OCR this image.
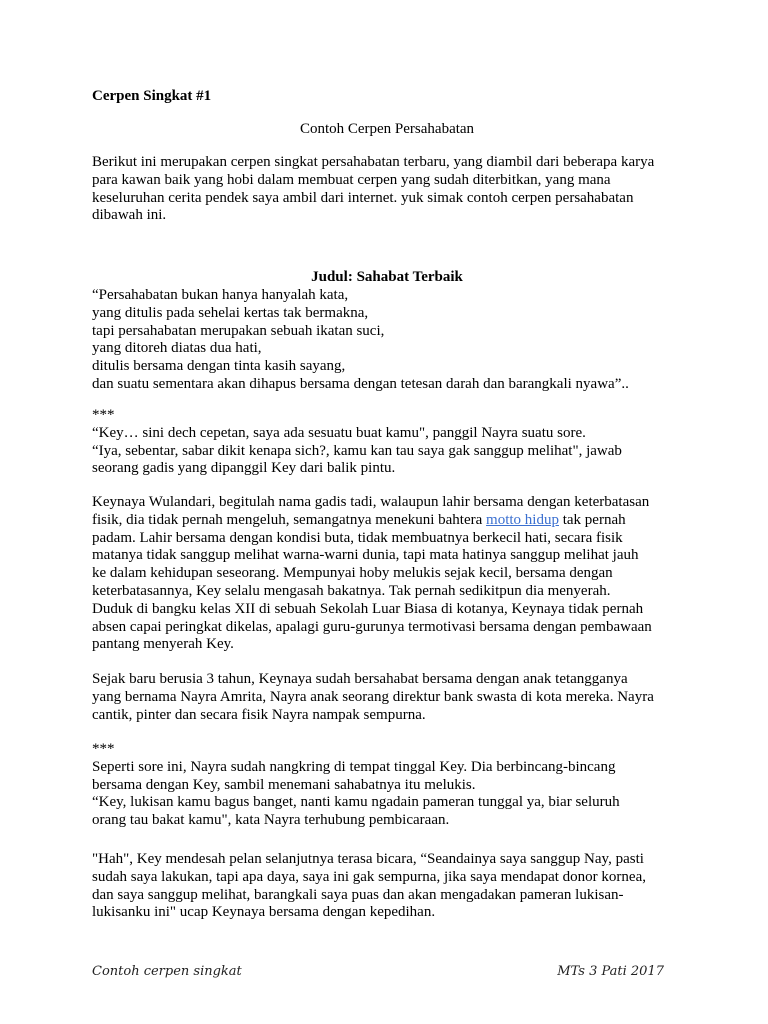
Cerpen Singkat #1

Contoh Cerpen Persahabatan

Berikut ini merupakan cerpen singkat persahabatan terbaru, yang diambil dari beberapa karya
para kawan baik yang hobi dalam membuat cerpen yang sudah diterbitkan, yang mana
keseluruhan cerita pendek saya ambil dari internet. yuk simak contoh cerpen persahabatan
dibawah ini.

Judul: Sahabat Terbaik

“Persahabatan bukan hanya hanyalah kata,
yang ditulis pada sehelai kertas tak bermakna,
tapi persahabatan merupakan sebuah ikatan suci,
yang ditoreh diatas dua hati,
ditulis bersama dengan tinta kasih sayang,
dan suatu sementara akan dihapus bersama dengan tetesan darah dan barangkali nyawa”..
***
“Key… sini dech cepetan, saya ada sesuatu buat kamu", panggil Nayra suatu sore.
“Iya, sebentar, sabar dikit kenapa sich?, kamu kan tau saya gak sanggup melihat", jawab
seorang gadis yang dipanggil Key dari balik pintu.
Keynaya Wulandari, begitulah nama gadis tadi, walaupun lahir bersama dengan keterbatasan
fisik, dia tidak pernah mengeluh, semangatnya menekuni bahtera motto hidup tak pernah
padam. Lahir bersama dengan kondisi buta, tidak membuatnya berkecil hati, secara fisik
matanya tidak sanggup melihat warna-warni dunia, tapi mata hatinya sanggup melihat jauh
ke dalam kehidupan seseorang. Mempunyai hoby melukis sejak kecil, bersama dengan
keterbatasannya, Key selalu mengasah bakatnya. Tak pernah sedikitpun dia menyerah.
Duduk di bangku kelas XII di sebuah Sekolah Luar Biasa di kotanya, Keynaya tidak pernah
absen capai peringkat dikelas, apalagi guru-gurunya termotivasi bersama dengan pembawaan
pantang menyerah Key.
Sejak baru berusia 3 tahun, Keynaya sudah bersahabat bersama dengan anak tetangganya
yang bernama Nayra Amrita, Nayra anak seorang direktur bank swasta di kota mereka. Nayra
cantik, pinter dan secara fisik Nayra nampak sempurna.
***
Seperti sore ini, Nayra sudah nangkring di tempat tinggal Key. Dia berbincang-bincang
bersama dengan Key, sambil menemani sahabatnya itu melukis.
“Key, lukisan kamu bagus banget, nanti kamu ngadain pameran tunggal ya, biar seluruh
orang tau bakat kamu", kata Nayra terhubung pembicaraan.
"Hah", Key mendesah pelan selanjutnya terasa bicara, “Seandainya saya sanggup Nay, pasti
sudah saya lakukan, tapi apa daya, saya ini gak sempurna, jika saya mendapat donor kornea,
dan saya sanggup melihat, barangkali saya puas dan akan mengadakan pameran lukisan-
lukisanku ini" ucap Keynaya bersama dengan kepedihan.
Contoh cerpen singkat	MTs 3 Pati 2017
